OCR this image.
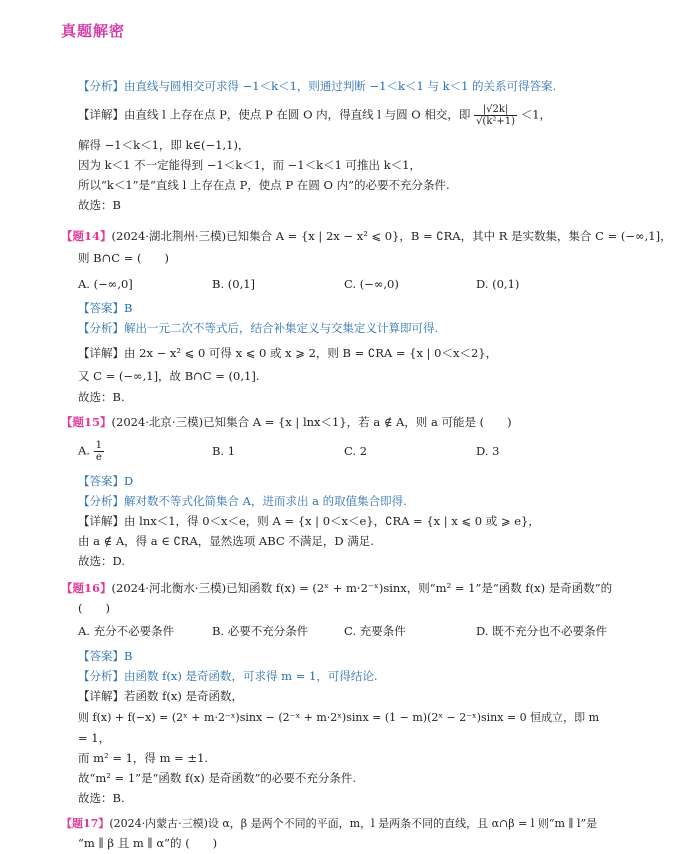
真题解密
【分析】由直线与圆相交可求得 −1＜k＜1，则通过判断 −1＜k＜1 与 k＜1 的关系可得答案.
【详解】由直线 l 上存在点 P，使点 P 在圆 O 内，得直线 l 与圆 O 相交，即 $\frac{|√2k|}{\text{√(k²+1)}} <1$，
解得 −1＜k＜1，即 k∈(−1,1)，
因为 k＜1 不一定能得到 −1＜k＜1，而 −1＜k＜1 可推出 k＜1，
所以“k＜1”是“直线 l 上存在点 P，使点 P 在圆 O 内”的必要不充分条件.
故选：B
【题14】(2024·湖北荆州·三模)已知集合 A = {x | 2x − x² ⩽ 0}，B = ∁RA，其中 R 是实数集，集合 C = (−∞,1]，
则 B∩C = (　　)
A. (−∞,0]	B. (0,1]	C. (−∞,0)	D. (0,1)
【答案】B
【分析】解出一元二次不等式后，结合补集定义与交集定义计算即可得.
【详解】由 2x − x² ⩽ 0 可得 x ⩽ 0 或 x ⩾ 2，则 B = ∁RA = {x | 0＜x＜2}，
又 C = (−∞,1]，故 B∩C = (0,1].
故选：B.
【题15】(2024·北京·三模)已知集合 A = {x | lnx＜1}，若 a ∉ A，则 a 可能是 (　　)
A. $\frac{1}{e}$	B. 1	C. 2	D. 3
【答案】D
【分析】解对数不等式化简集合 A，进而求出 a 的取值集合即得.
【详解】由 lnx＜1，得 0＜x＜e，则 A = {x | 0＜x＜e}，∁RA = {x | x ⩽ 0 或 ⩾ e}，
由 a ∉ A，得 a ∈ ∁RA，显然选项 ABC 不满足，D 满足.
故选：D.
【题16】(2024·河北衡水·三模)已知函数 f(x) = (2ˣ + m·2⁻ˣ)sinx，则“m² = 1”是“函数 f(x) 是奇函数”的
(　　)
A. 充分不必要条件	B. 必要不充分条件	C. 充要条件	D. 既不充分也不必要条件
【答案】B
【分析】由函数 f(x) 是奇函数，可求得 m = 1，可得结论.
【详解】若函数 f(x) 是奇函数，
则 f(x) + f(−x) = (2ˣ + m·2⁻ˣ)sinx − (2⁻ˣ + m·2ˣ)sinx = (1 − m)(2ˣ − 2⁻ˣ)sinx = 0 恒成立，即 m
= 1，
而 m² = 1，得 m = ±1.
故“m² = 1”是“函数 f(x) 是奇函数”的必要不充分条件.
故选：B.
【题17】(2024·内蒙古·三模)设 α，β 是两个不同的平面，m，l 是两条不同的直线，且 α∩β = l 则“m ∥ l”是
“m ∥ β 且 m ∥ α”的 (　　)
